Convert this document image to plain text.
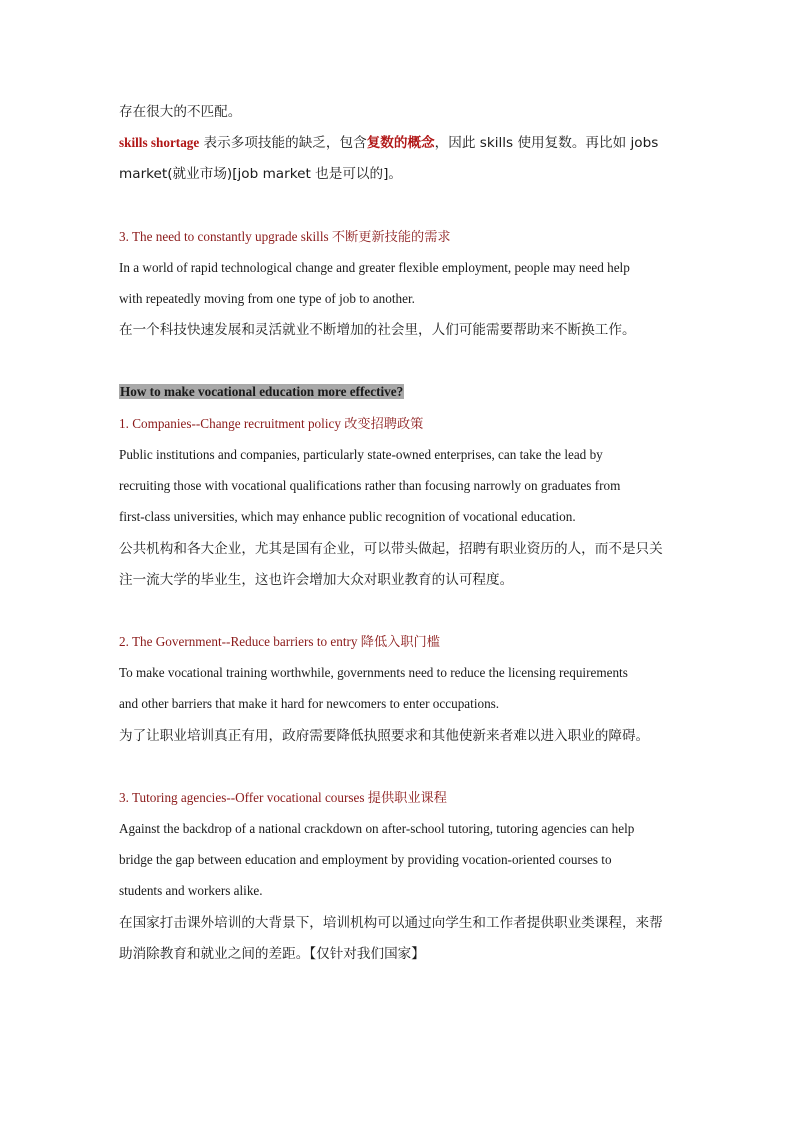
存在很大的不匹配。
skills shortage 表示多项技能的缺乏，包含复数的概念，因此 skills 使用复数。再比如 jobs
market(就业市场)[job market 也是可以的]。
3. The need to constantly upgrade skills 不断更新技能的需求
In a world of rapid technological change and greater flexible employment, people may need help
with repeatedly moving from one type of job to another.
在一个科技快速发展和灵活就业不断增加的社会里，人们可能需要帮助来不断换工作。
How to make vocational education more effective?
1. Companies--Change recruitment policy 改变招聘政策
Public institutions and companies, particularly state-owned enterprises, can take the lead by
recruiting those with vocational qualifications rather than focusing narrowly on graduates from
first-class universities, which may enhance public recognition of vocational education.
公共机构和各大企业，尤其是国有企业，可以带头做起，招聘有职业资历的人，而不是只关
注一流大学的毕业生，这也许会增加大众对职业教育的认可程度。
2. The Government--Reduce barriers to entry 降低入职门槛
To make vocational training worthwhile, governments need to reduce the licensing requirements
and other barriers that make it hard for newcomers to enter occupations.
为了让职业培训真正有用，政府需要降低执照要求和其他使新来者难以进入职业的障碍。
3. Tutoring agencies--Offer vocational courses 提供职业课程
Against the backdrop of a national crackdown on after-school tutoring, tutoring agencies can help
bridge the gap between education and employment by providing vocation-oriented courses to
students and workers alike.
在国家打击课外培训的大背景下，培训机构可以通过向学生和工作者提供职业类课程，来帮
助消除教育和就业之间的差距。【仅针对我们国家】
